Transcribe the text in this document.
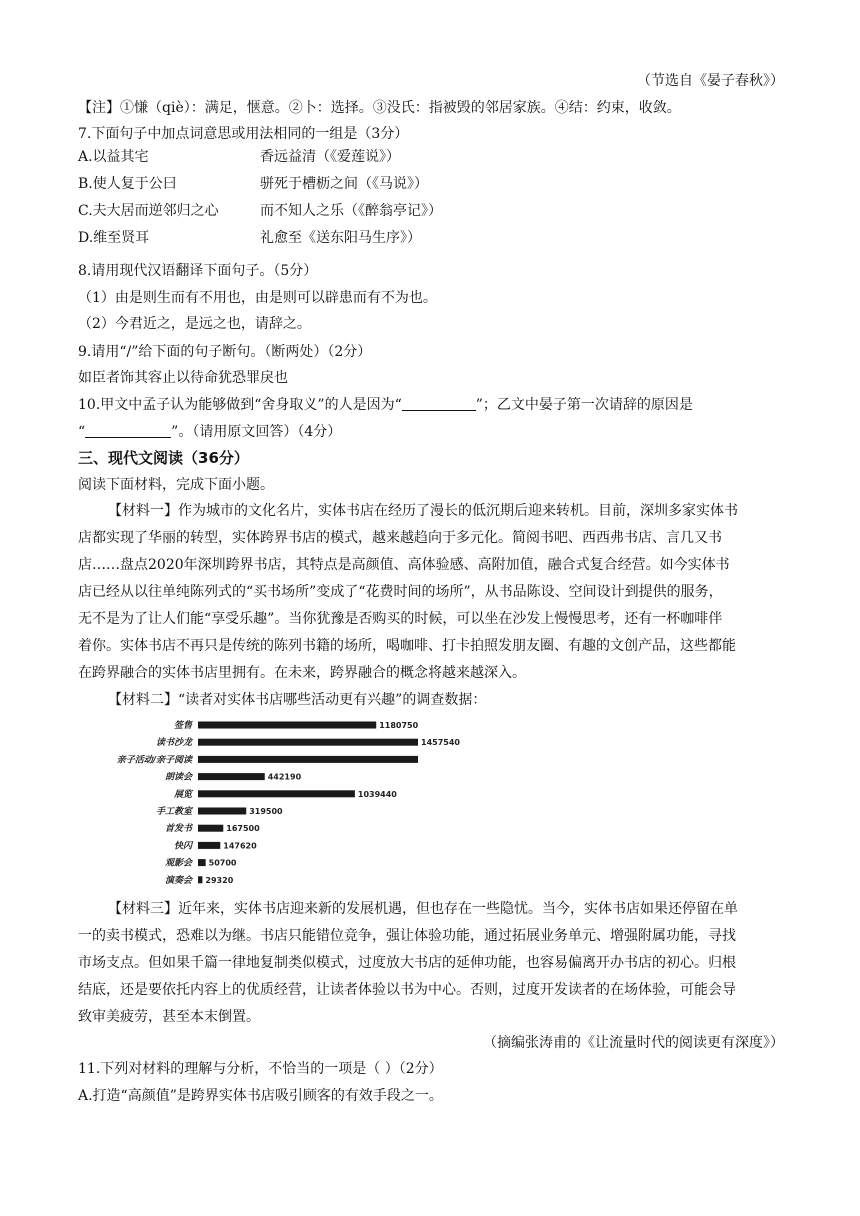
（节选自《晏子春秋》）
【注】①慊（qiè）：满足，惬意。②卜：选择。③没氏：指被毁的邻居家族。④结：约束，收敛。
7.下面句子中加点词意思或用法相同的一组是（3分）
A.以益其宅	香远益清（《爱莲说》）
B.使人复于公曰	骈死于槽枥之间（《马说》）
C.夫大居而逆邻归之心	而不知人之乐（《醉翁亭记》）
D.维至贤耳	礼愈至《送东阳马生序》）
8.请用现代汉语翻译下面句子。（5分）
（1）由是则生而有不用也，由是则可以辟患而有不为也。
（2）今君近之，是远之也，请辞之。
9.请用“/”给下面的句子断句。（断两处）（2分）
如臣者饰其容止以待命犹恐罪戾也
10.甲文中孟子认为能够做到“舍身取义”的人是因为“	”；乙文中晏子第一次请辞的原因是
“	”。（请用原文回答）（4分）
三、现代文阅读（36分）
阅读下面材料，完成下面小题。
【材料一】作为城市的文化名片，实体书店在经历了漫长的低沉期后迎来转机。目前，深圳多家实体书
店都实现了华丽的转型，实体跨界书店的模式，越来越趋向于多元化。简阅书吧、西西弗书店、言几又书
店……盘点2020年深圳跨界书店，其特点是高颜值、高体验感、高附加值，融合式复合经营。如今实体书
店已经从以往单纯陈列式的“买书场所”变成了“花费时间的场所”，从书品陈设、空间设计到提供的服务，
无不是为了让人们能“享受乐趣”。当你犹豫是否购买的时候，可以坐在沙发上慢慢思考，还有一杯咖啡伴
着你。实体书店不再只是传统的陈列书籍的场所，喝咖啡、打卡拍照发朋友圈、有趣的文创产品，这些都能
在跨界融合的实体书店里拥有。在未来，跨界融合的概念将越来越深入。
【材料二】“读者对实体书店哪些活动更有兴趣”的调查数据：
签售	1180750
读书沙龙	1457540
亲子活动/亲子阅读
朗读会	442190
展览	1039440
手工教室	319500
首发书	167500
快闪	147620
观影会 50700
演奏会 29320
【材料三】近年来，实体书店迎来新的发展机遇，但也存在一些隐忧。当今，实体书店如果还停留在单
一的卖书模式，恐难以为继。书店只能错位竞争，强让体验功能，通过拓展业务单元、增强附属功能，寻找
市场支点。但如果千篇一律地复制类似模式，过度放大书店的延伸功能，也容易偏离开办书店的初心。归根
结底，还是要依托内容上的优质经营，让读者体验以书为中心。否则，过度开发读者的在场体验，可能会导
致审美疲劳，甚至本末倒置。
（摘编张涛甫的《让流量时代的阅读更有深度》）
11.下列对材料的理解与分析，不恰当的一项是（ ）（2分）
A.打造“高颜值”是跨界实体书店吸引顾客的有效手段之一。
